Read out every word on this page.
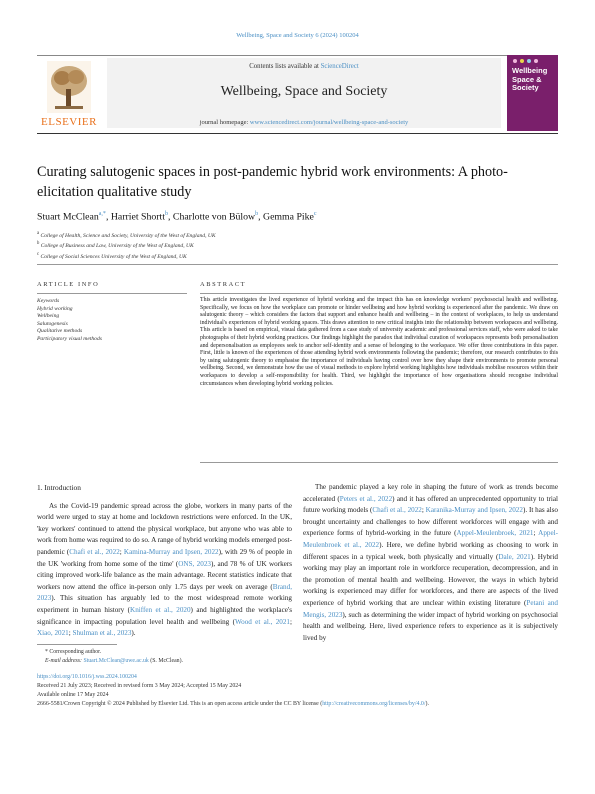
Wellbeing, Space and Society 6 (2024) 100204
ELSEVIER
Contents lists available at ScienceDirect
Wellbeing, Space and Society
journal homepage: www.sciencedirect.com/journal/wellbeing-space-and-society
Wellbeing
Space &
Society
Curating salutogenic spaces in post-pandemic hybrid work environments: A photo-elicitation qualitative study
Stuart McClean$^{a,*}$, Harriet Shortt$^b$, Charlotte von Bülow$^b$, Gemma Pike$^c$
$^a$ College of Health, Science and Society, University of the West of England, UK
$^b$ College of Business and Law, University of the West of England, UK
$^c$ College of Social Sciences University of the West of England, UK
ARTICLE INFO	ABSTRACT
Keywords
Hybrid working
Wellbeing
Salutogenesis
Qualitative methods
Participatory visual methods
This article investigates the lived experience of hybrid working and the impact this has on knowledge workers' psychosocial health and wellbeing. Specifically, we focus on how the workplace can promote or hinder wellbeing and how hybrid working is experienced after the pandemic. We draw on salutogenic theory – which considers the factors that support and enhance health and wellbeing – in the context of workplaces, to help us understand individual's experiences of hybrid working spaces. This draws attention to new critical insights into the relationship between workspaces and wellbeing. This article is based on empirical, visual data gathered from a case study of university academic and professional services staff, who were asked to take photographs of their hybrid working practices. Our findings highlight the paradox that individual curation of workspaces represents both personalisation and depersonalisation as employees seek to anchor self-identity and a sense of belonging to the workspace. We offer three contributions in this paper. First, little is known of the experiences of those attending hybrid work environments following the pandemic; therefore, our research contributes to this by using salutogenic theory to emphasise the importance of individuals having control over how they shape their environments to promote personal wellbeing. Second, we demonstrate how the use of visual methods to explore hybrid working highlights how individuals mobilise resources within their workspaces to develop a self-responsibility for health. Third, we highlight the importance of how organisations should recognise individual circumstances when developing hybrid working policies.
1. Introduction

As the Covid-19 pandemic spread across the globe, workers in many parts of the world were urged to stay at home and lockdown restrictions were enforced. In the UK, 'key workers' continued to attend the physical workplace, but anyone who was able to work from home was required to do so. A range of hybrid working models emerged post-pandemic (Chafi et al., 2022; Kamina-Murray and Ipsen, 2022), with 29 % of people in the UK 'working from home some of the time' (ONS, 2023), and 78 % of UK workers citing improved work-life balance as the main advantage. Recent statistics indicate that workers now attend the office in-person only 1.75 days per week on average (Brand, 2023). This situation has arguably led to the most widespread remote working experiment in human history (Kniffen et al., 2020) and highlighted the workplace's significance in impacting population level health and wellbeing (Wood et al., 2021; Xiao, 2021; Shulman et al., 2023).

The pandemic played a key role in shaping the future of work as trends become accelerated (Peters et al., 2022) and it has offered an unprecedented opportunity to trial future working models (Chafi et al., 2022; Karanika-Murray and Ipsen, 2022). It has also brought uncertainty and challenges to how different workforces will engage with and experience forms of hybrid-working in the future (Appel-Meulenbroek, 2021; Appel-Meulenbroek et al., 2022). Here, we define hybrid working as choosing to work in different spaces in a typical week, both physically and virtually (Dale, 2021). Hybrid working may play an important role in workforce recuperation, decompression, and in the promotion of mental health and wellbeing. However, the ways in which hybrid working is experienced may differ for workforces, and there are aspects of the lived experience of hybrid working that are unclear within existing literature (Petani and Mengis, 2023), such as determining the wider impact of hybrid working on psychosocial health and wellbeing. Here, lived experience refers to experience as it is subjectively lived by

* Corresponding author.
E-mail address: Stuart.McClean@uwe.ac.uk (S. McClean).
https://doi.org/10.1016/j.wss.2024.100204
Received 21 July 2023; Received in revised form 3 May 2024; Accepted 15 May 2024
Available online 17 May 2024
2666-5581/Crown Copyright © 2024 Published by Elsevier Ltd. This is an open access article under the CC BY license (http://creativecommons.org/licenses/by/4.0/).
